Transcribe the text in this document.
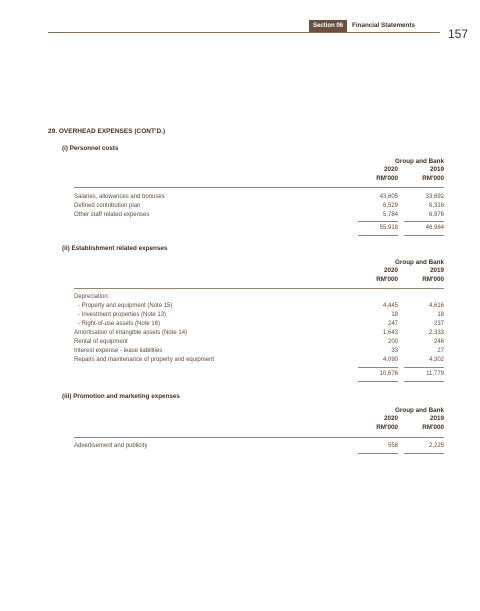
Section 06	Financial Statements
157
29. OVERHEAD EXPENSES (CONT'D.)
(i) Personnel costs
Group and Bank
2020	2019
RM'000	RM'000
Salaries, allowances and bonuses	43,605	33,692
Defined contribution plan	6,529	6,316
Other staff related expenses	5,784	6,976
55,918	46,984
(ii) Establishment related expenses
Group and Bank
2020	2019
RM'000	RM'000
Depreciation:
- Property and equipment (Note 15)	4,445	4,616
- Investment properties (Note 13)	18	18
- Right-of-use assets (Note 16)	247	237
Amortisation of intangible assets (Note 14)	1,643	2,333
Rental of equipment	200	246
Interest expense - lease liabilities	33	27
Repairs and maintenance of property and equipment	4,090	4,302
10,676	11,779
(iii) Promotion and marketing expenses
Group and Bank
2020	2019
RM'000	RM'000
Advertisement and publicity	558	2,225
